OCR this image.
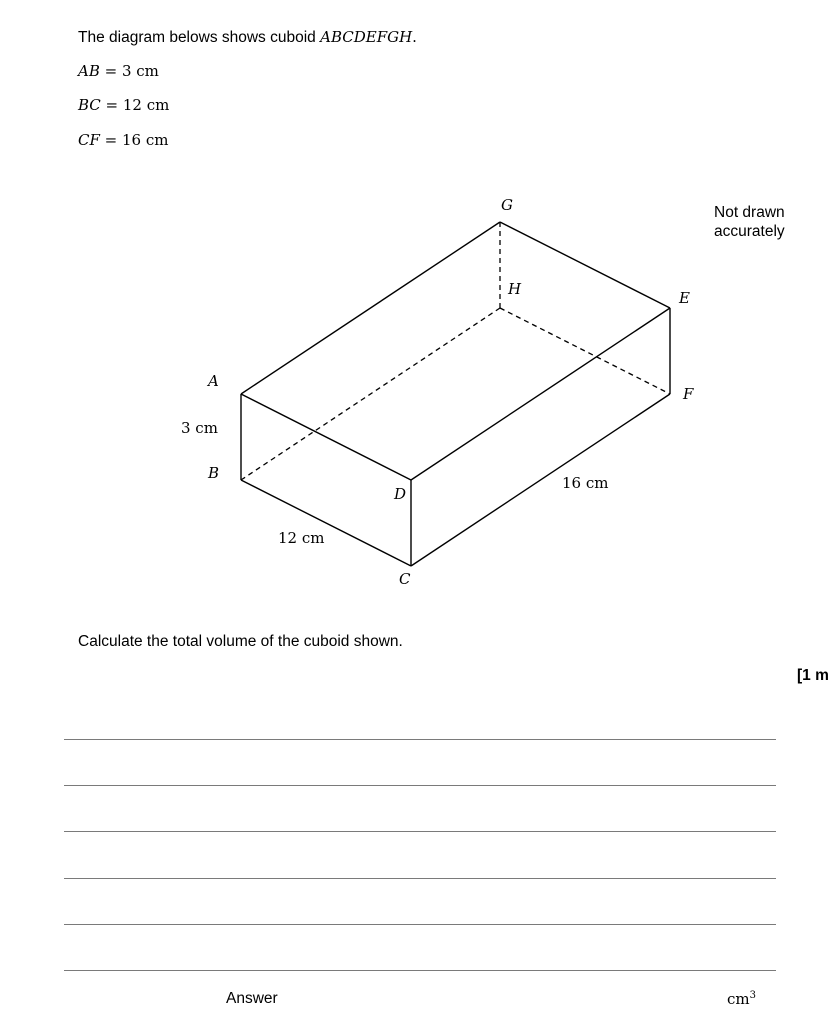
The diagram belows shows cuboid ABCDEFGH.
AB = 3 cm
BC = 12 cm
CF = 16 cm
Not drawn
accurately
G
H	E
F
A
B
D
C
3 cm
12 cm
16 cm
Calculate the total volume of the cuboid shown.
[1 m
Answer	$cm^3$
